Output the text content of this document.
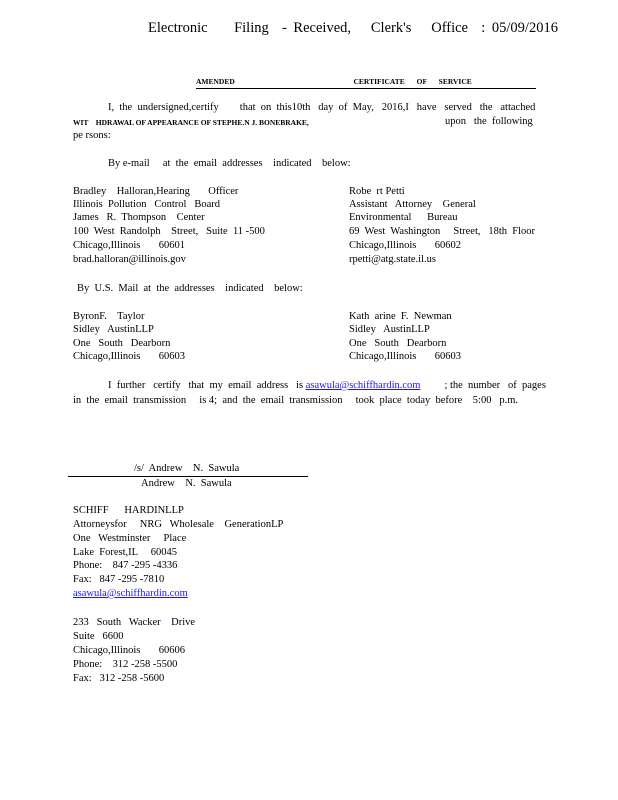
Electronic    Filing  - Received,   Clerk's   Office  : 05/09/2016
AMENDED          CERTIFICATE OF SERVICE
I,  the  undersigned,certify        that  on  this10th   day  of  May,   2016,I   have   served   the   attached
WIT    HDRAWAL OF APPEARANCE OF STEPHE.N J. BONEBRAKE,	upon   the  following
pe rsons:
By e-mail     at  the  email  addresses    indicated    below:
Bradley    Halloran,Hearing       Officer
Illinois  Pollution   Control   Board
James   R.  Thompson    Center
100  West  Randolph    Street,   Suite  11 -500
Chicago,Illinois       60601
brad.halloran@illinois.gov
Robe  rt Petti
Assistant   Attorney    General
Environmental      Bureau
69  West  Washington     Street,   18th  Floor
Chicago,Illinois       60602
rpetti@atg.state.il.us
By  U.S.  Mail  at  the  addresses    indicated    below:
ByronF.    Taylor
Sidley   AustinLLP
One   South   Dearborn
Chicago,Illinois       60603
Kath  arine  F.  Newman
Sidley   AustinLLP
One   South   Dearborn
Chicago,Illinois       60603
I  further   certify   that  my  email  address   is asawula@schiffhardin.com ; the  number   of  pages
in  the  email  transmission     is 4;  and  the  email  transmission     took  place  today  before    5:00   p.m.
/s/  Andrew    N.  Sawula
Andrew    N.  Sawula
SCHIFF      HARDINLLP
Attorneysfor     NRG   Wholesale    GenerationLP
One   Westminster     Place
Lake  Forest,IL     60045
Phone:    847 -295 -4336
Fax:   847 -295 -7810
asawula@schiffhardin.com
233   South   Wacker    Drive
Suite   6600
Chicago,Illinois       60606
Phone:    312 -258 -5500
Fax:   312 -258 -5600
